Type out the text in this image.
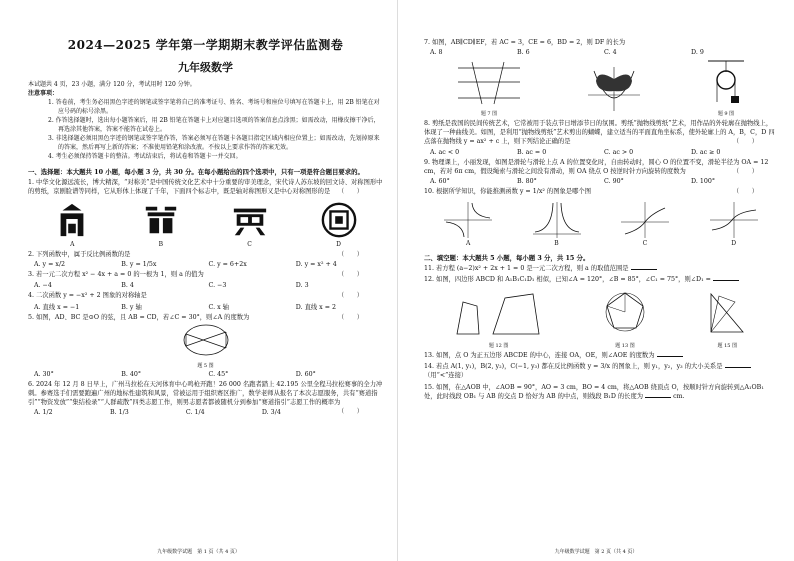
2024—2025 学年第一学期期末教学评估监测卷
九年级数学
本试题共 4 页，23 小题，满分 120 分，考试用时 120 分钟。
注意事项：
1. 答卷前，考生务必用黑色字迹的钢笔或签字笔将自己的准考证号、姓名、考场号和座位号填写在答题卡上，用 2B 铅笔在对应号码的标号涂黑。
2. 作答选择题时，选出每小题答案后，用 2B 铅笔在答题卡上对应题目选项的答案信息点涂黑；如需改动，用橡皮擦干净后，再选涂其他答案，答案不能答在试卷上。
3. 非选择题必须用黑色字迹的钢笔或签字笔作答，答案必须写在答题卡各题目指定区域内相应位置上；如需改动，先划掉原来的答案，然后再写上新的答案；不准使用铅笔和涂改液。不按以上要求作答的答案无效。
4. 考生必须保持答题卡的整洁。考试结束后，将试卷和答题卡一并交回。
一、选择题：本大题共 10 小题，每小题 3 分，共 30 分。在每小题给出的四个选项中，只有一项是符合题目要求的。
1. 中华文化源远流长，博大精深，“对称美”是中国传统文化艺术中十分重要的审美理念，宋代诗人苏东坡的回文诗、对称图形中的剪纸，京剧脸谱等同样，它从形体上体现了千年，下面四个标志中，既是轴对称图形又是中心对称图形的是 （　　）
A	B	C	D
2. 下列函数中，属于反比例函数的是	（　　）
A. y = x/2	B. y = 1/5x	C. y = 6+2x	D. y = x² + 4
3. 若一元二次方程 x² − 4x + a = 0 的一根为 1，则 a 的值为	（　　）
A. −4	B. 4	C. −3	D. 3
4. 二次函数 y = −x² + 2 图象的对称轴是	（　　）
A. 直线 x = −1	B. y 轴	C. x 轴	D. 直线 x = 2
5. 如图，AD、BC 是⊙O 的弦，且 AB = CD，若∠C = 30°，则∠A 的度数为	（　　）
题 5 图
A. 30°	B. 40°	C. 45°	D. 60°
6. 2024 年 12 月 8 日早上，广州马拉松在天河体育中心鸣枪开跑！26 000 名跑者踏上 42.195 公里全程马拉松赛事的全力冲刺。参赛选手们需要跑遍广州的地标性建筑和风景，常被运用于组织赛区推广，数学老师从报名了本次志愿服务，共有“赛道指引”“物资发放”“集结检录”“人群疏散”四类志愿工作，则男志愿者都被随机分到参加“赛道指引”志愿工作的概率为
（　　）
A. 1/2	B. 1/3	C. 1/4	D. 3/4
九年级数学试题　第 1 页（共 4 页）
7. 如图，AB∥CD∥EF，若 AC = 3，CE = 6，BD = 2，则 DF 的长为
A. 8	B. 6	C. 4	D. 9
题 7 图	题 9 图
8. 剪纸是我国的民间传统艺术，它常被用于装点节日增添节日的氛围。剪纸“抛物线剪纸”艺术，用作品的外轮廓在抛物线上，体现了一种曲线美。如图，是利用“抛物线剪纸”艺术剪出的蝴蝶，建立适当的平面直角坐标系，使外轮廓上的 A，B，C，D 四点落在抛物线 y = ax² + c 上，则下列结论正确的是	（　　）
A. ac < 0	B. ac = 0	C. ac > 0	D. ac ≥ 0
9. 物理课上，小丽发现，如图是滑轮与滑轮上点 A 的位置变化时，自由转动时，圆心 O 的位置不变，滑轮半径为 OA = 12 cm，若对 6π cm，假设绳索与滑轮之间没有滑动，则 OA 绕点 O 按逆时针方向旋转的度数为	（　　）
A. 60°	B. 80°	C. 90°	D. 100°
10. 根据所学知识，你能推测函数 y = 1/x² 的图象是哪个图	（　　）
A	B	C	D
二、填空题：本大题共 5 小题，每小题 3 分，共 15 分。
11. 若方程 (a−2)x² + 2x + 1 = 0 是一元二次方程，则 a 的取值范围是
12. 如图，四边形 ABCD 和 A₁B₁C₁D₁ 相似，已知∠A = 120°，∠B = 85°，∠C₁ = 75°，则∠D₁ =
题 12 图	题 13 图	题 15 图
13. 如图，点 O 为正五边形 ABCDE 的中心，连接 OA，OE，则∠AOE 的度数为
14. 若点 A(1, y₁)，B(2, y₂)，C(−1, y₃) 都在反比例函数 y = 3/x 的图象上，则 y₁，y₂，y₃ 的大小关系是  （用“<”连接）
15. 如图，在△AOB 中，∠AOB = 90°，AO = 3 cm，BO = 4 cm，将△AOB 绕顶点 O，按顺时针方向旋转到△A₁OB₁ 处，此时线段 OB₁ 与 AB 的交点 D 恰好为 AB 的中点，则线段 B₁D 的长度为	cm.
九年级数学试题　第 2 页（共 4 页）
